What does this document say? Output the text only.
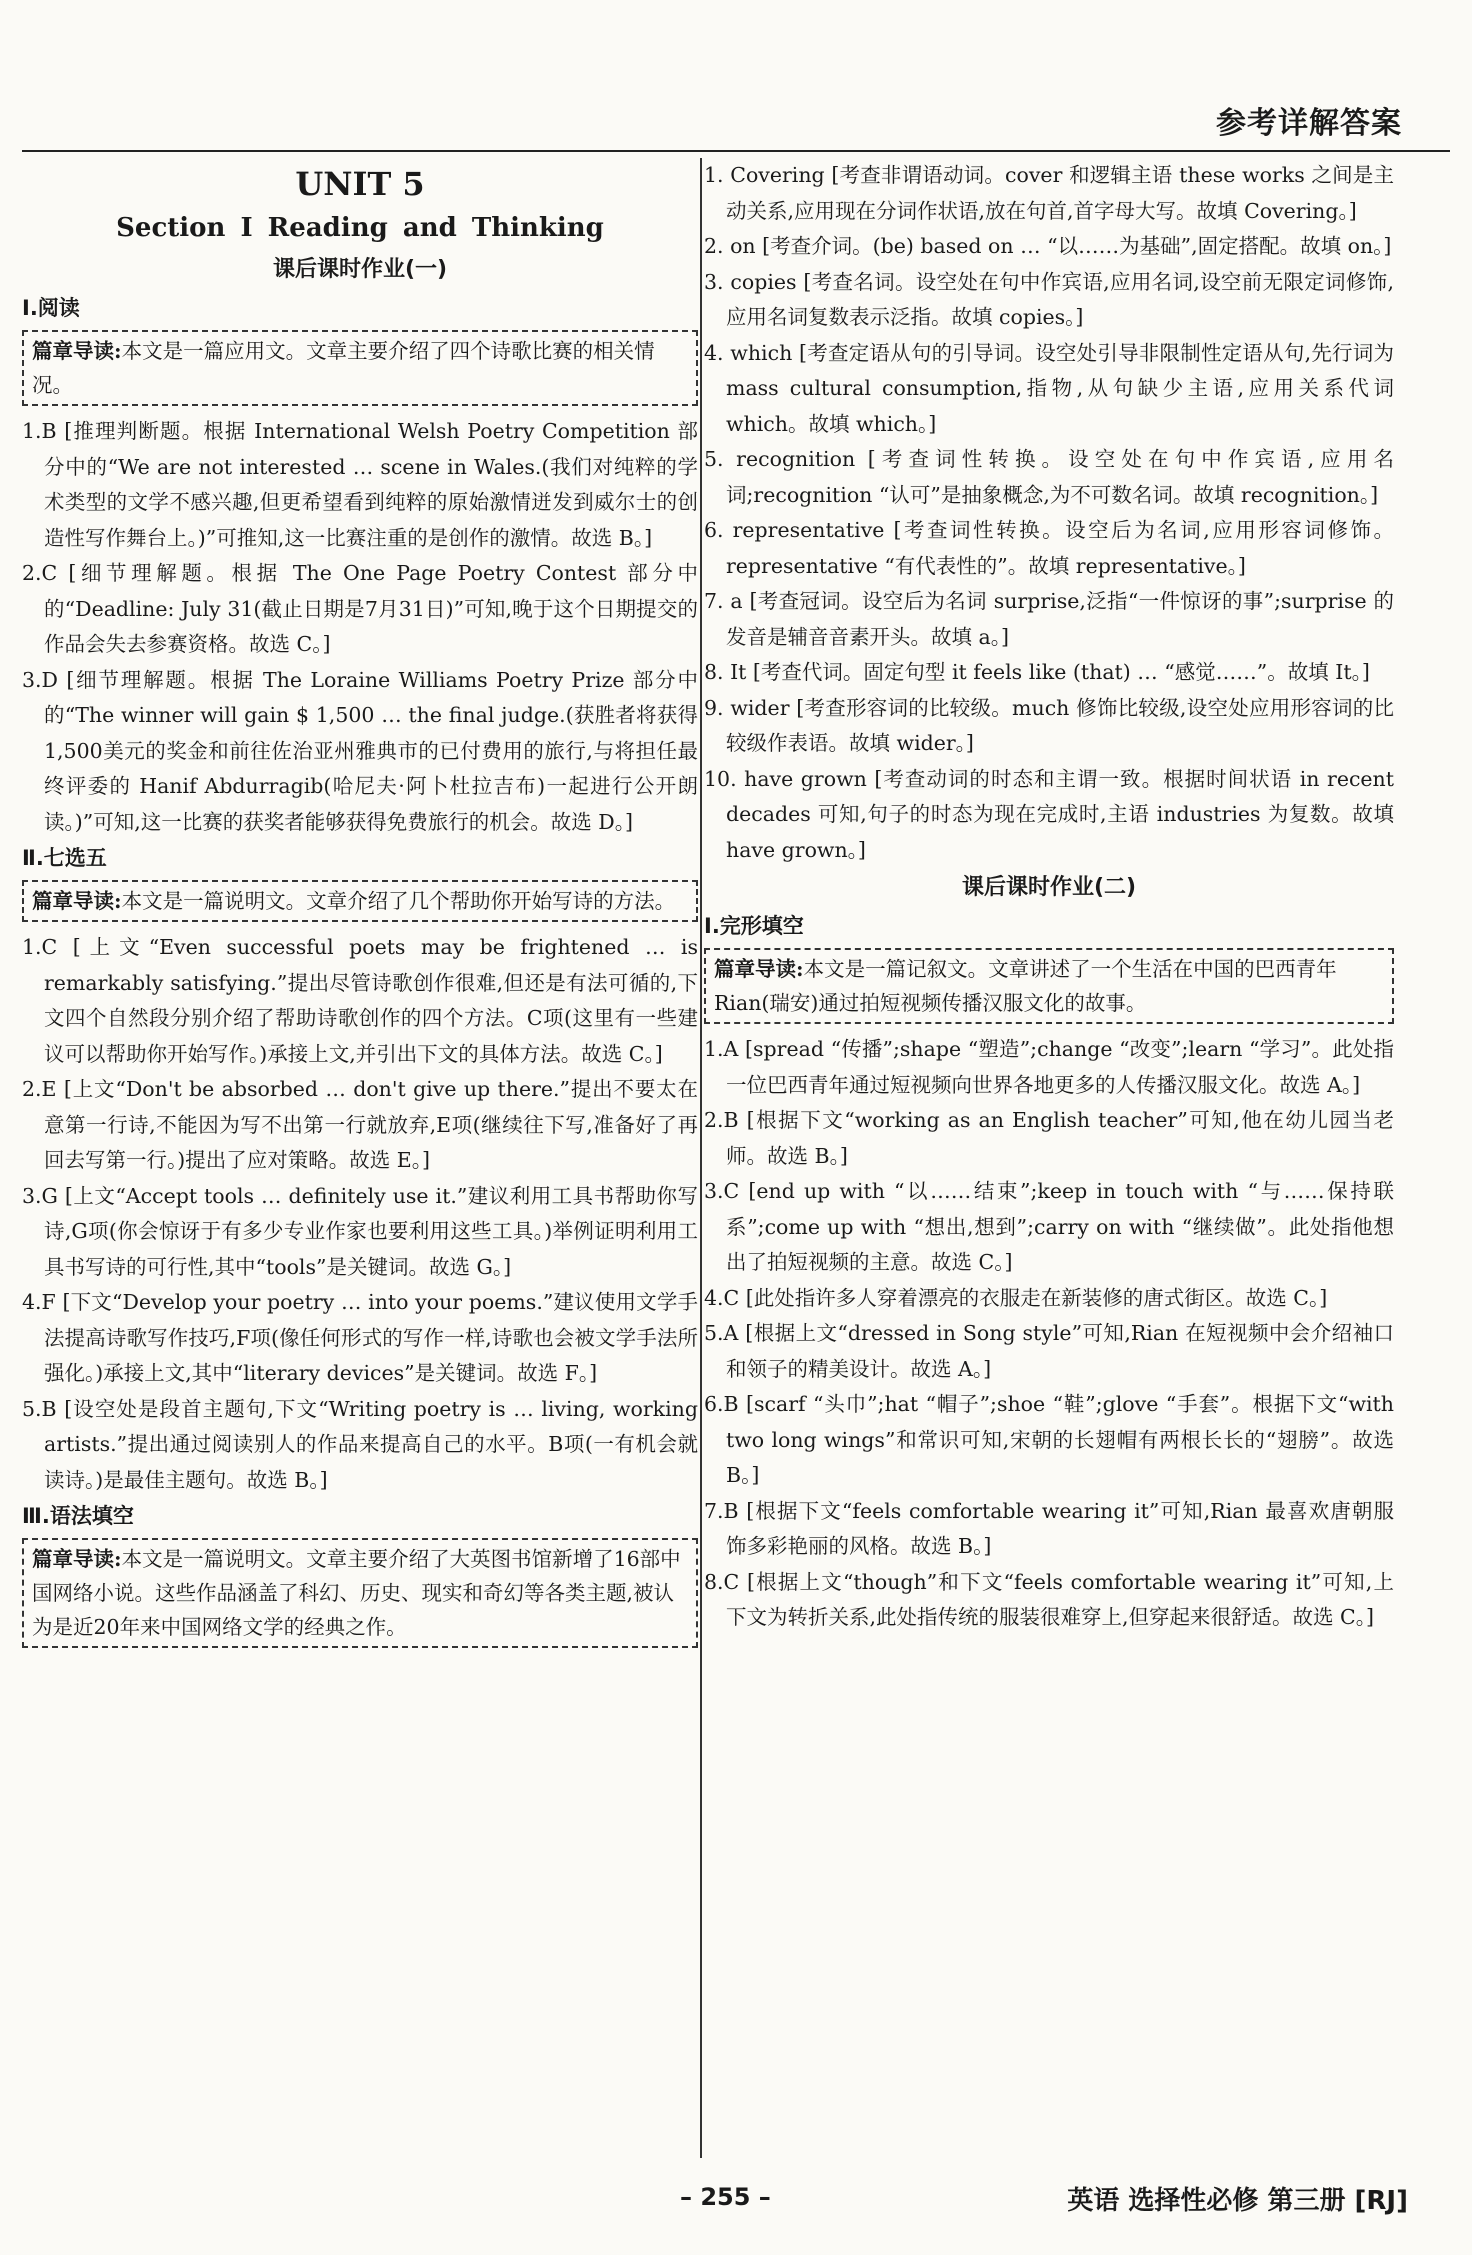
参考详解答案
UNIT 5
Section Ⅰ Reading and Thinking
课后课时作业(一)
Ⅰ.阅读
篇章导读:本文是一篇应用文。文章主要介绍了四个诗歌比赛的相关情况。

1.B [推理判断题。根据 International Welsh Poetry Competition 部分中的“We are not interested … scene in Wales.(我们对纯粹的学术类型的文学不感兴趣,但更希望看到纯粹的原始激情迸发到威尔士的创造性写作舞台上。)”可推知,这一比赛注重的是创作的激情。故选 B。]

2.C [细节理解题。根据 The One Page Poetry Contest 部分中的“Deadline: July 31(截止日期是7月31日)”可知,晚于这个日期提交的作品会失去参赛资格。故选 C。]

3.D [细节理解题。根据 The Loraine Williams Poetry Prize 部分中的“The winner will gain $ 1,500 … the final judge.(获胜者将获得1,500美元的奖金和前往佐治亚州雅典市的已付费用的旅行,与将担任最终评委的 Hanif Abdurragib(哈尼夫·阿卜杜拉吉布)一起进行公开朗读。)”可知,这一比赛的获奖者能够获得免费旅行的机会。故选 D。]

Ⅱ.七选五
篇章导读:本文是一篇说明文。文章介绍了几个帮助你开始写诗的方法。

1.C [上文“Even successful poets may be frightened … is remarkably satisfying.”提出尽管诗歌创作很难,但还是有法可循的,下文四个自然段分别介绍了帮助诗歌创作的四个方法。C项(这里有一些建议可以帮助你开始写作。)承接上文,并引出下文的具体方法。故选 C。]

2.E [上文“Don't be absorbed … don't give up there.”提出不要太在意第一行诗,不能因为写不出第一行就放弃,E项(继续往下写,准备好了再回去写第一行。)提出了应对策略。故选 E。]

3.G [上文“Accept tools … definitely use it.”建议利用工具书帮助你写诗,G项(你会惊讶于有多少专业作家也要利用这些工具。)举例证明利用工具书写诗的可行性,其中“tools”是关键词。故选 G。]

4.F [下文“Develop your poetry … into your poems.”建议使用文学手法提高诗歌写作技巧,F项(像任何形式的写作一样,诗歌也会被文学手法所强化。)承接上文,其中“literary devices”是关键词。故选 F。]

5.B [设空处是段首主题句,下文“Writing poetry is … living, working artists.”提出通过阅读别人的作品来提高自己的水平。B项(一有机会就读诗。)是最佳主题句。故选 B。]

Ⅲ.语法填空
篇章导读:本文是一篇说明文。文章主要介绍了大英图书馆新增了16部中国网络小说。这些作品涵盖了科幻、历史、现实和奇幻等各类主题,被认为是近20年来中国网络文学的经典之作。

1. Covering [考查非谓语动词。cover 和逻辑主语 these works 之间是主动关系,应用现在分词作状语,放在句首,首字母大写。故填 Covering。]

2. on [考查介词。(be) based on … “以……为基础”,固定搭配。故填 on。]

3. copies [考查名词。设空处在句中作宾语,应用名词,设空前无限定词修饰,应用名词复数表示泛指。故填 copies。]

4. which [考查定语从句的引导词。设空处引导非限制性定语从句,先行词为 mass cultural consumption,指物,从句缺少主语,应用关系代词 which。故填 which。]

5. recognition [考查词性转换。设空处在句中作宾语,应用名词;recognition “认可”是抽象概念,为不可数名词。故填 recognition。]

6. representative [考查词性转换。设空后为名词,应用形容词修饰。representative “有代表性的”。故填 representative。]

7. a [考查冠词。设空后为名词 surprise,泛指“一件惊讶的事”;surprise 的发音是辅音音素开头。故填 a。]

8. It [考查代词。固定句型 it feels like (that) … “感觉……”。故填 It。]

9. wider [考查形容词的比较级。much 修饰比较级,设空处应用形容词的比较级作表语。故填 wider。]

10. have grown [考查动词的时态和主谓一致。根据时间状语 in recent decades 可知,句子的时态为现在完成时,主语 industries 为复数。故填 have grown。]

课后课时作业(二)
Ⅰ.完形填空
篇章导读:本文是一篇记叙文。文章讲述了一个生活在中国的巴西青年 Rian(瑞安)通过拍短视频传播汉服文化的故事。

1.A [spread “传播”;shape “塑造”;change “改变”;learn “学习”。此处指一位巴西青年通过短视频向世界各地更多的人传播汉服文化。故选 A。]

2.B [根据下文“working as an English teacher”可知,他在幼儿园当老师。故选 B。]

3.C [end up with “以……结束”;keep in touch with “与……保持联系”;come up with “想出,想到”;carry on with “继续做”。此处指他想出了拍短视频的主意。故选 C。]

4.C [此处指许多人穿着漂亮的衣服走在新装修的唐式街区。故选 C。]

5.A [根据上文“dressed in Song style”可知,Rian 在短视频中会介绍袖口和领子的精美设计。故选 A。]

6.B [scarf “头巾”;hat “帽子”;shoe “鞋”;glove “手套”。根据下文“with two long wings”和常识可知,宋朝的长翅帽有两根长长的“翅膀”。故选 B。]

7.B [根据下文“feels comfortable wearing it”可知,Rian 最喜欢唐朝服饰多彩艳丽的风格。故选 B。]

8.C [根据上文“though”和下文“feels comfortable wearing it”可知,上下文为转折关系,此处指传统的服装很难穿上,但穿起来很舒适。故选 C。]

– 255 –	英语 选择性必修 第三册 [RJ]
